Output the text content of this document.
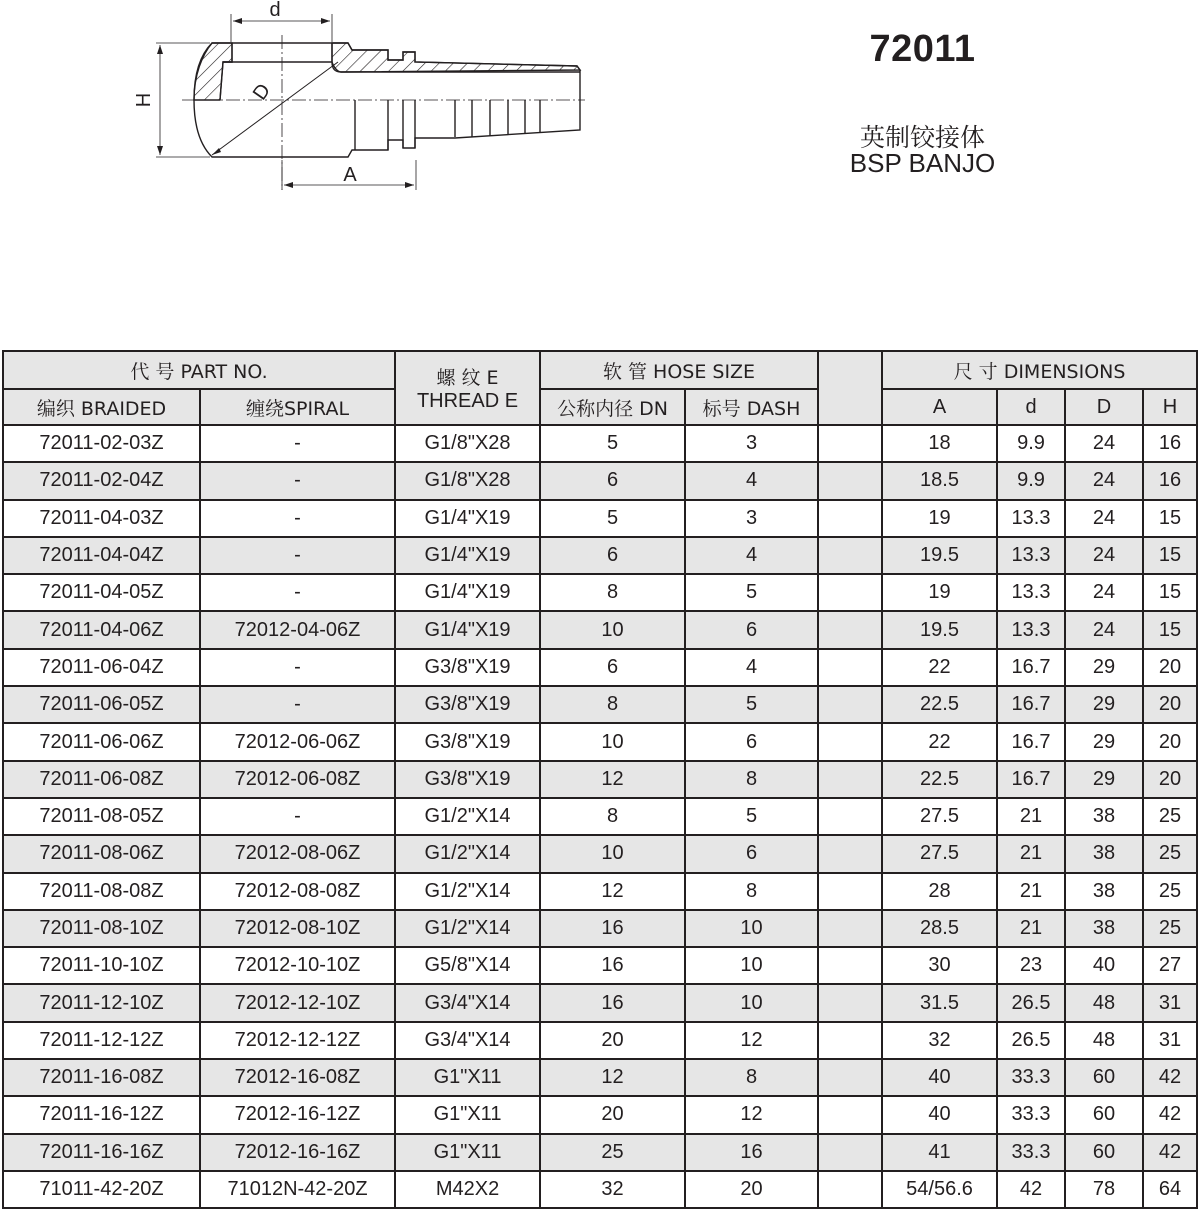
72011
英制铰接体
BSP BANJO
d
D
H
A
代 号 PART NO.		螺 纹 E
THREAD E	软 管 HOSE SIZE			尺 寸 DIMENSIONS			
编织 BRAIDED	缠绕SPIRAL		公称内径 DN	标号 DASH		A	d	D	H
72011-02-03Z	-	G1/8"X28	5	3		18	9.9	24	16
72011-02-04Z	-	G1/8"X28	6	4		18.5	9.9	24	16
72011-04-03Z	-	G1/4"X19	5	3		19	13.3	24	15
72011-04-04Z	-	G1/4"X19	6	4		19.5	13.3	24	15
72011-04-05Z	-	G1/4"X19	8	5		19	13.3	24	15
72011-04-06Z	72012-04-06Z	G1/4"X19	10	6		19.5	13.3	24	15
72011-06-04Z	-	G3/8"X19	6	4		22	16.7	29	20
72011-06-05Z	-	G3/8"X19	8	5		22.5	16.7	29	20
72011-06-06Z	72012-06-06Z	G3/8"X19	10	6		22	16.7	29	20
72011-06-08Z	72012-06-08Z	G3/8"X19	12	8		22.5	16.7	29	20
72011-08-05Z	-	G1/2"X14	8	5		27.5	21	38	25
72011-08-06Z	72012-08-06Z	G1/2"X14	10	6		27.5	21	38	25
72011-08-08Z	72012-08-08Z	G1/2"X14	12	8		28	21	38	25
72011-08-10Z	72012-08-10Z	G1/2"X14	16	10		28.5	21	38	25
72011-10-10Z	72012-10-10Z	G5/8"X14	16	10		30	23	40	27
72011-12-10Z	72012-12-10Z	G3/4"X14	16	10		31.5	26.5	48	31
72011-12-12Z	72012-12-12Z	G3/4"X14	20	12		32	26.5	48	31
72011-16-08Z	72012-16-08Z	G1"X11	12	8		40	33.3	60	42
72011-16-12Z	72012-16-12Z	G1"X11	20	12		40	33.3	60	42
72011-16-16Z	72012-16-16Z	G1"X11	25	16		41	33.3	60	42
71011-42-20Z	71012N-42-20Z	M42X2	32	20		54/56.6	42	78	64
